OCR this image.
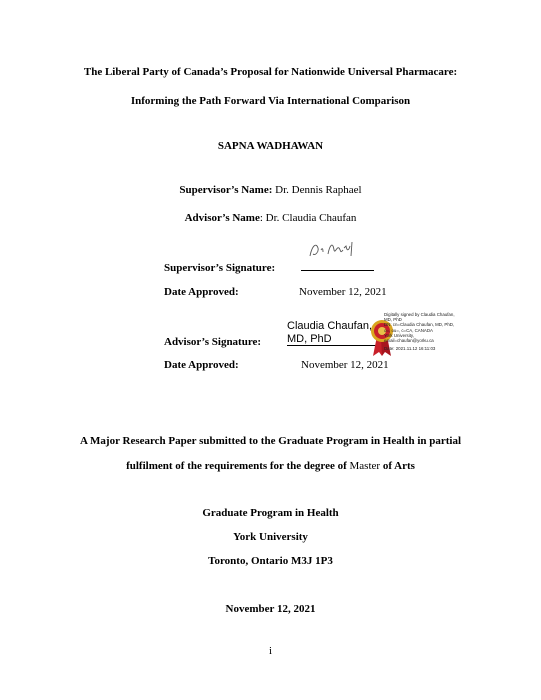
The Liberal Party of Canada’s Proposal for Nationwide Universal Pharmacare:
Informing the Path Forward Via International Comparison
SAPNA WADHAWAN
Supervisor’s Name: Dr. Dennis Raphael
Advisor’s Name: Dr. Claudia Chaufan
Supervisor’s Signature:
Date Approved:	November 12, 2021
Advisor’s Signature:
Claudia Chaufan,
MD, PhD
Digitally signed by Claudia Chaufan,
MD, PhD
DN: cn=Claudia Chaufan, MD, PhD,
o=, ou=, c=CA, CANADA
York University,
email=chaufan@yorku.ca
Date: 2021.11.12 16:11:03
Date Approved:	November 12, 2021
A Major Research Paper submitted to the Graduate Program in Health in partial
fulfilment of the requirements for the degree of Master of Arts
Graduate Program in Health
York University
Toronto, Ontario M3J 1P3
November 12, 2021
i
